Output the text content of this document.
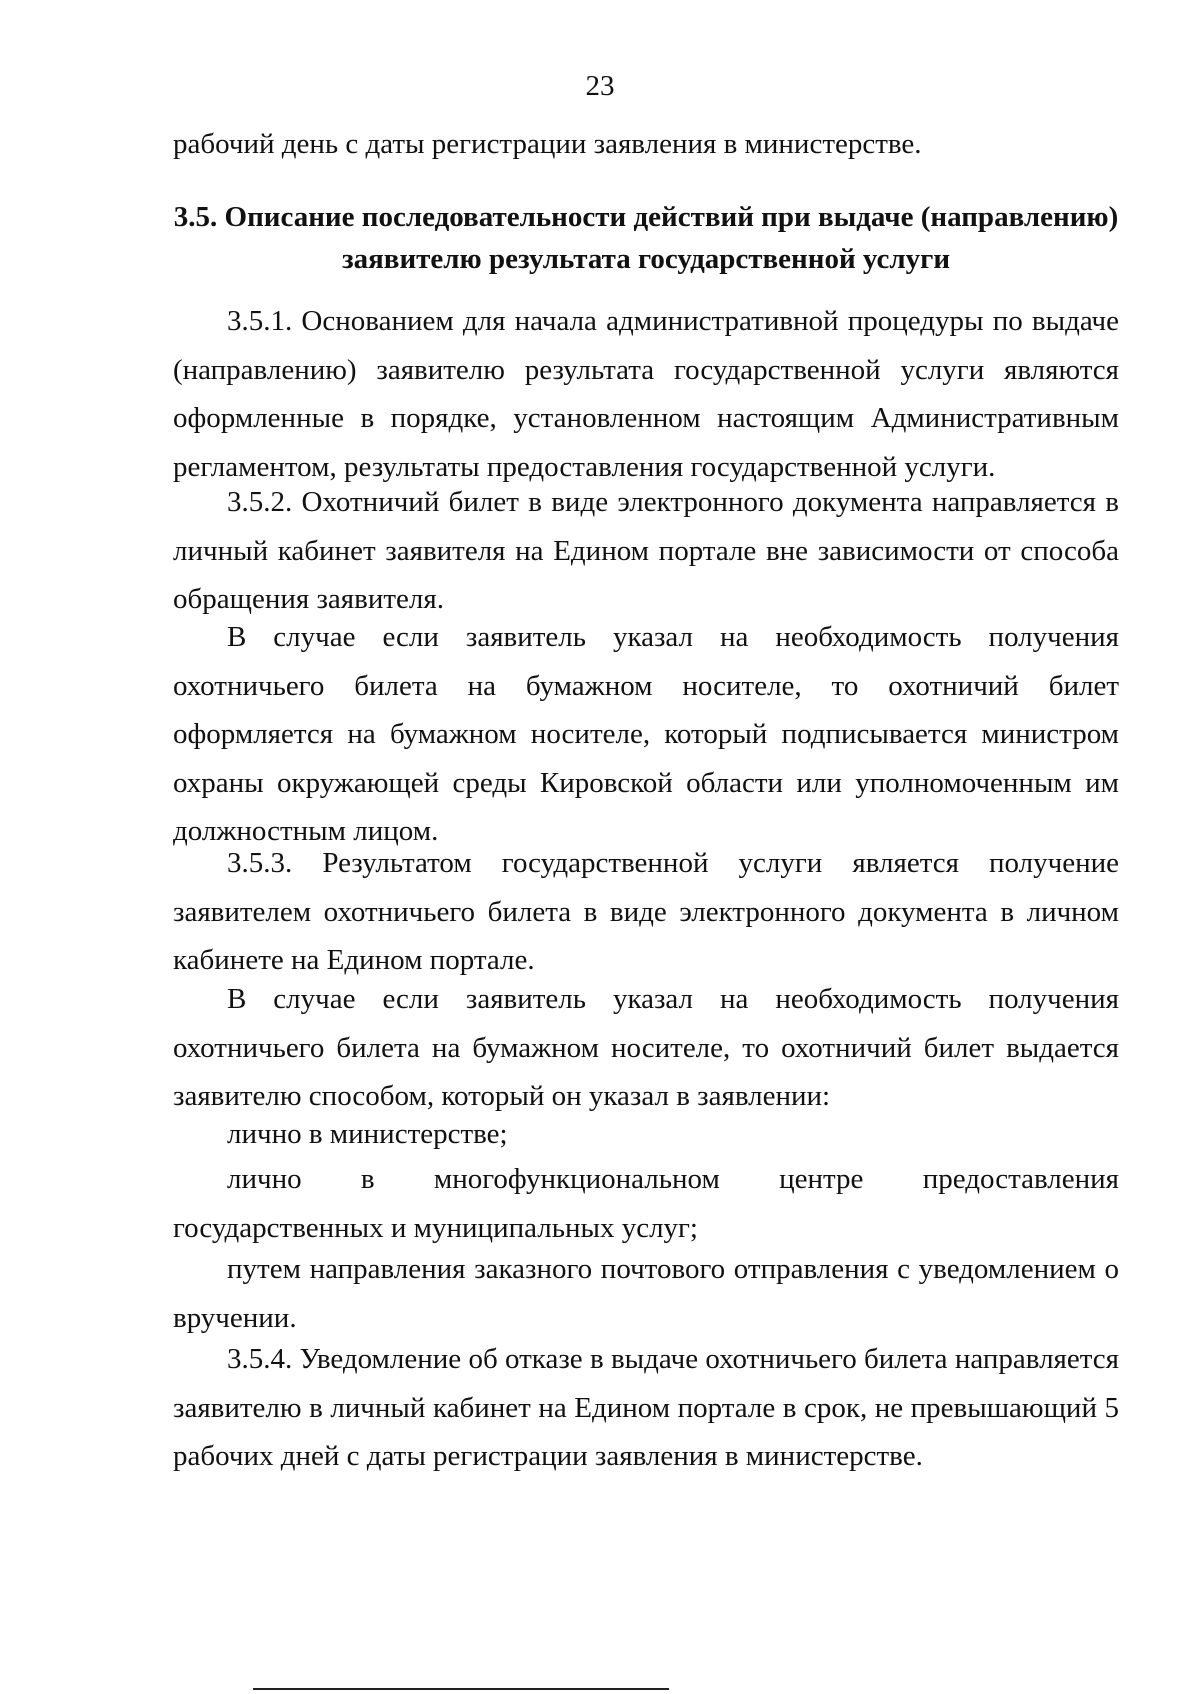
23
рабочий день с даты регистрации заявления в министерстве.
3.5. Описание последовательности действий при выдаче (направлению)
заявителю результата государственной услуги
3.5.1. Основанием для начала административной процедуры по выдаче (направлению) заявителю результата государственной услуги являются оформленные в порядке, установленном настоящим Административным регламентом, результаты предоставления государственной услуги.
3.5.2. Охотничий билет в виде электронного документа направляется в личный кабинет заявителя на Едином портале вне зависимости от способа обращения заявителя.
В случае если заявитель указал на необходимость получения охотничьего билета на бумажном носителе, то охотничий билет оформляется на бумажном носителе, который подписывается министром охраны окружающей среды Кировской области или уполномоченным им должностным лицом.
3.5.3. Результатом государственной услуги является получение заявителем охотничьего билета в виде электронного документа в личном кабинете на Едином портале.
В случае если заявитель указал на необходимость получения охотничьего билета на бумажном носителе, то охотничий билет выдается заявителю способом, который он указал в заявлении:
лично в министерстве;
лично в многофункциональном центре предоставления государственных и муниципальных услуг;
путем направления заказного почтового отправления с уведомлением о вручении.
3.5.4. Уведомление об отказе в выдаче охотничьего билета направляется заявителю в личный кабинет на Едином портале в срок, не превышающий 5 рабочих дней с даты регистрации заявления в министерстве.
